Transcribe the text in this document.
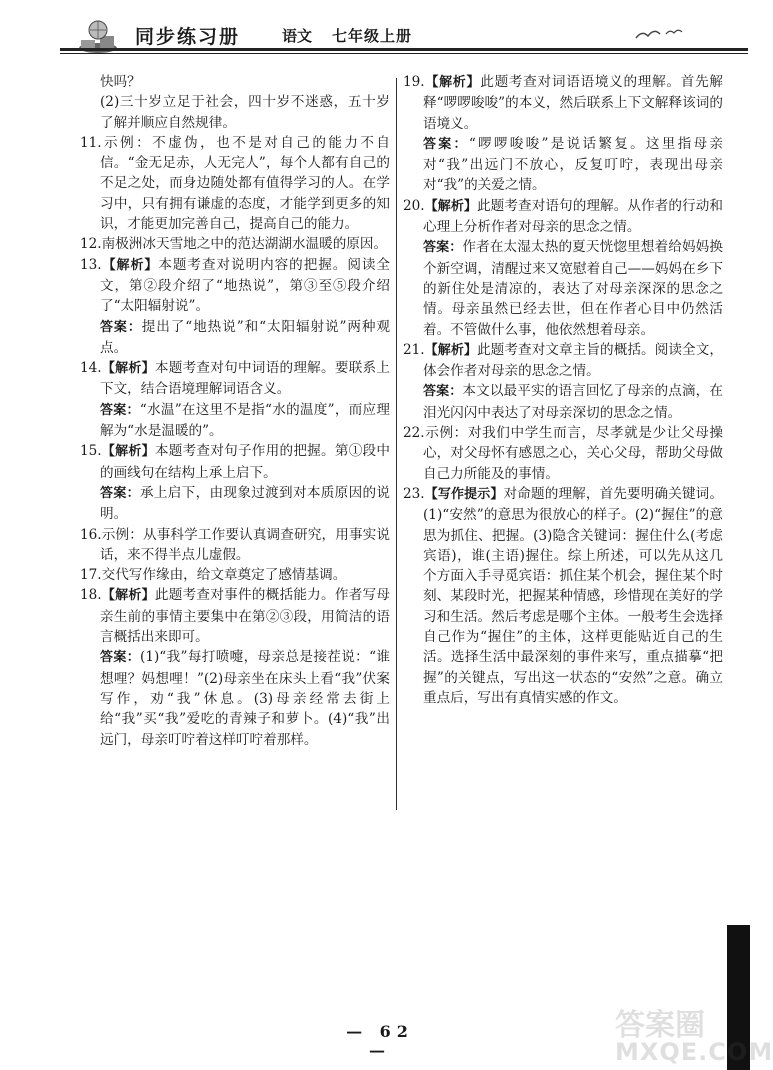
同步练习册	语文 七年级上册
快吗？
(2)三十岁立足于社会，四十岁不迷惑，五十岁了解并顺应自然规律。
11.示例：不虚伪，也不是对自己的能力不自信。“金无足赤，人无完人”，每个人都有自己的不足之处，而身边随处都有值得学习的人。在学习中，只有拥有谦虚的态度，才能学到更多的知识，才能更加完善自己，提高自己的能力。
12.南极洲冰天雪地之中的范达湖湖水温暖的原因。
13.【解析】本题考查对说明内容的把握。阅读全文，第②段介绍了“地热说”，第③至⑤段介绍了“太阳辐射说”。
答案：提出了“地热说”和“太阳辐射说”两种观点。
14.【解析】本题考查对句中词语的理解。要联系上下文，结合语境理解词语含义。
答案：“水温”在这里不是指“水的温度”，而应理解为“水是温暖的”。
15.【解析】本题考查对句子作用的把握。第①段中的画线句在结构上承上启下。
答案：承上启下，由现象过渡到对本质原因的说明。
16.示例：从事科学工作要认真调查研究，用事实说话，来不得半点儿虚假。
17.交代写作缘由，给文章奠定了感情基调。
18.【解析】此题考查对事件的概括能力。作者写母亲生前的事情主要集中在第②③段，用简洁的语言概括出来即可。
答案：(1)“我”每打喷嚏，母亲总是接茬说：“谁想哩？妈想哩！”(2)母亲坐在床头上看“我”伏案写作，劝“我”休息。(3)母亲经常去街上给“我”买“我”爱吃的青辣子和萝卜。(4)“我”出远门，母亲叮咛着这样叮咛着那样。
19.【解析】此题考查对词语语境义的理解。首先解释“啰啰唆唆”的本义，然后联系上下文解释该词的语境义。
答案：“啰啰唆唆”是说话繁复。这里指母亲对“我”出远门不放心，反复叮咛，表现出母亲对“我”的关爱之情。
20.【解析】此题考查对语句的理解。从作者的行动和心理上分析作者对母亲的思念之情。
答案：作者在太湿太热的夏天恍惚里想着给妈妈换个新空调，清醒过来又宽慰着自己——妈妈在乡下的新住处是清凉的，表达了对母亲深深的思念之情。母亲虽然已经去世，但在作者心目中仍然活着。不管做什么事，他依然想着母亲。
21.【解析】此题考查对文章主旨的概括。阅读全文，体会作者对母亲的思念之情。
答案：本文以最平实的语言回忆了母亲的点滴，在泪光闪闪中表达了对母亲深切的思念之情。
22.示例：对我们中学生而言，尽孝就是少让父母操心，对父母怀有感恩之心，关心父母，帮助父母做自己力所能及的事情。
23.【写作提示】对命题的理解，首先要明确关键词。(1)“安然”的意思为很放心的样子。(2)“握住”的意思为抓住、把握。(3)隐含关键词：握住什么(考虑宾语)，谁(主语)握住。综上所述，可以先从这几个方面入手寻觅宾语：抓住某个机会，握住某个时刻、某段时光，把握某种情感，珍惜现在美好的学习和生活。然后考虑是哪个主体。一般考生会选择自己作为“握住”的主体，这样更能贴近自己的生活。选择生活中最深刻的事件来写，重点描摹“把握”的关键点，写出这一状态的“安然”之意。确立重点后，写出有真情实感的作文。
— 62 —
答案圈
MXQE.COM
